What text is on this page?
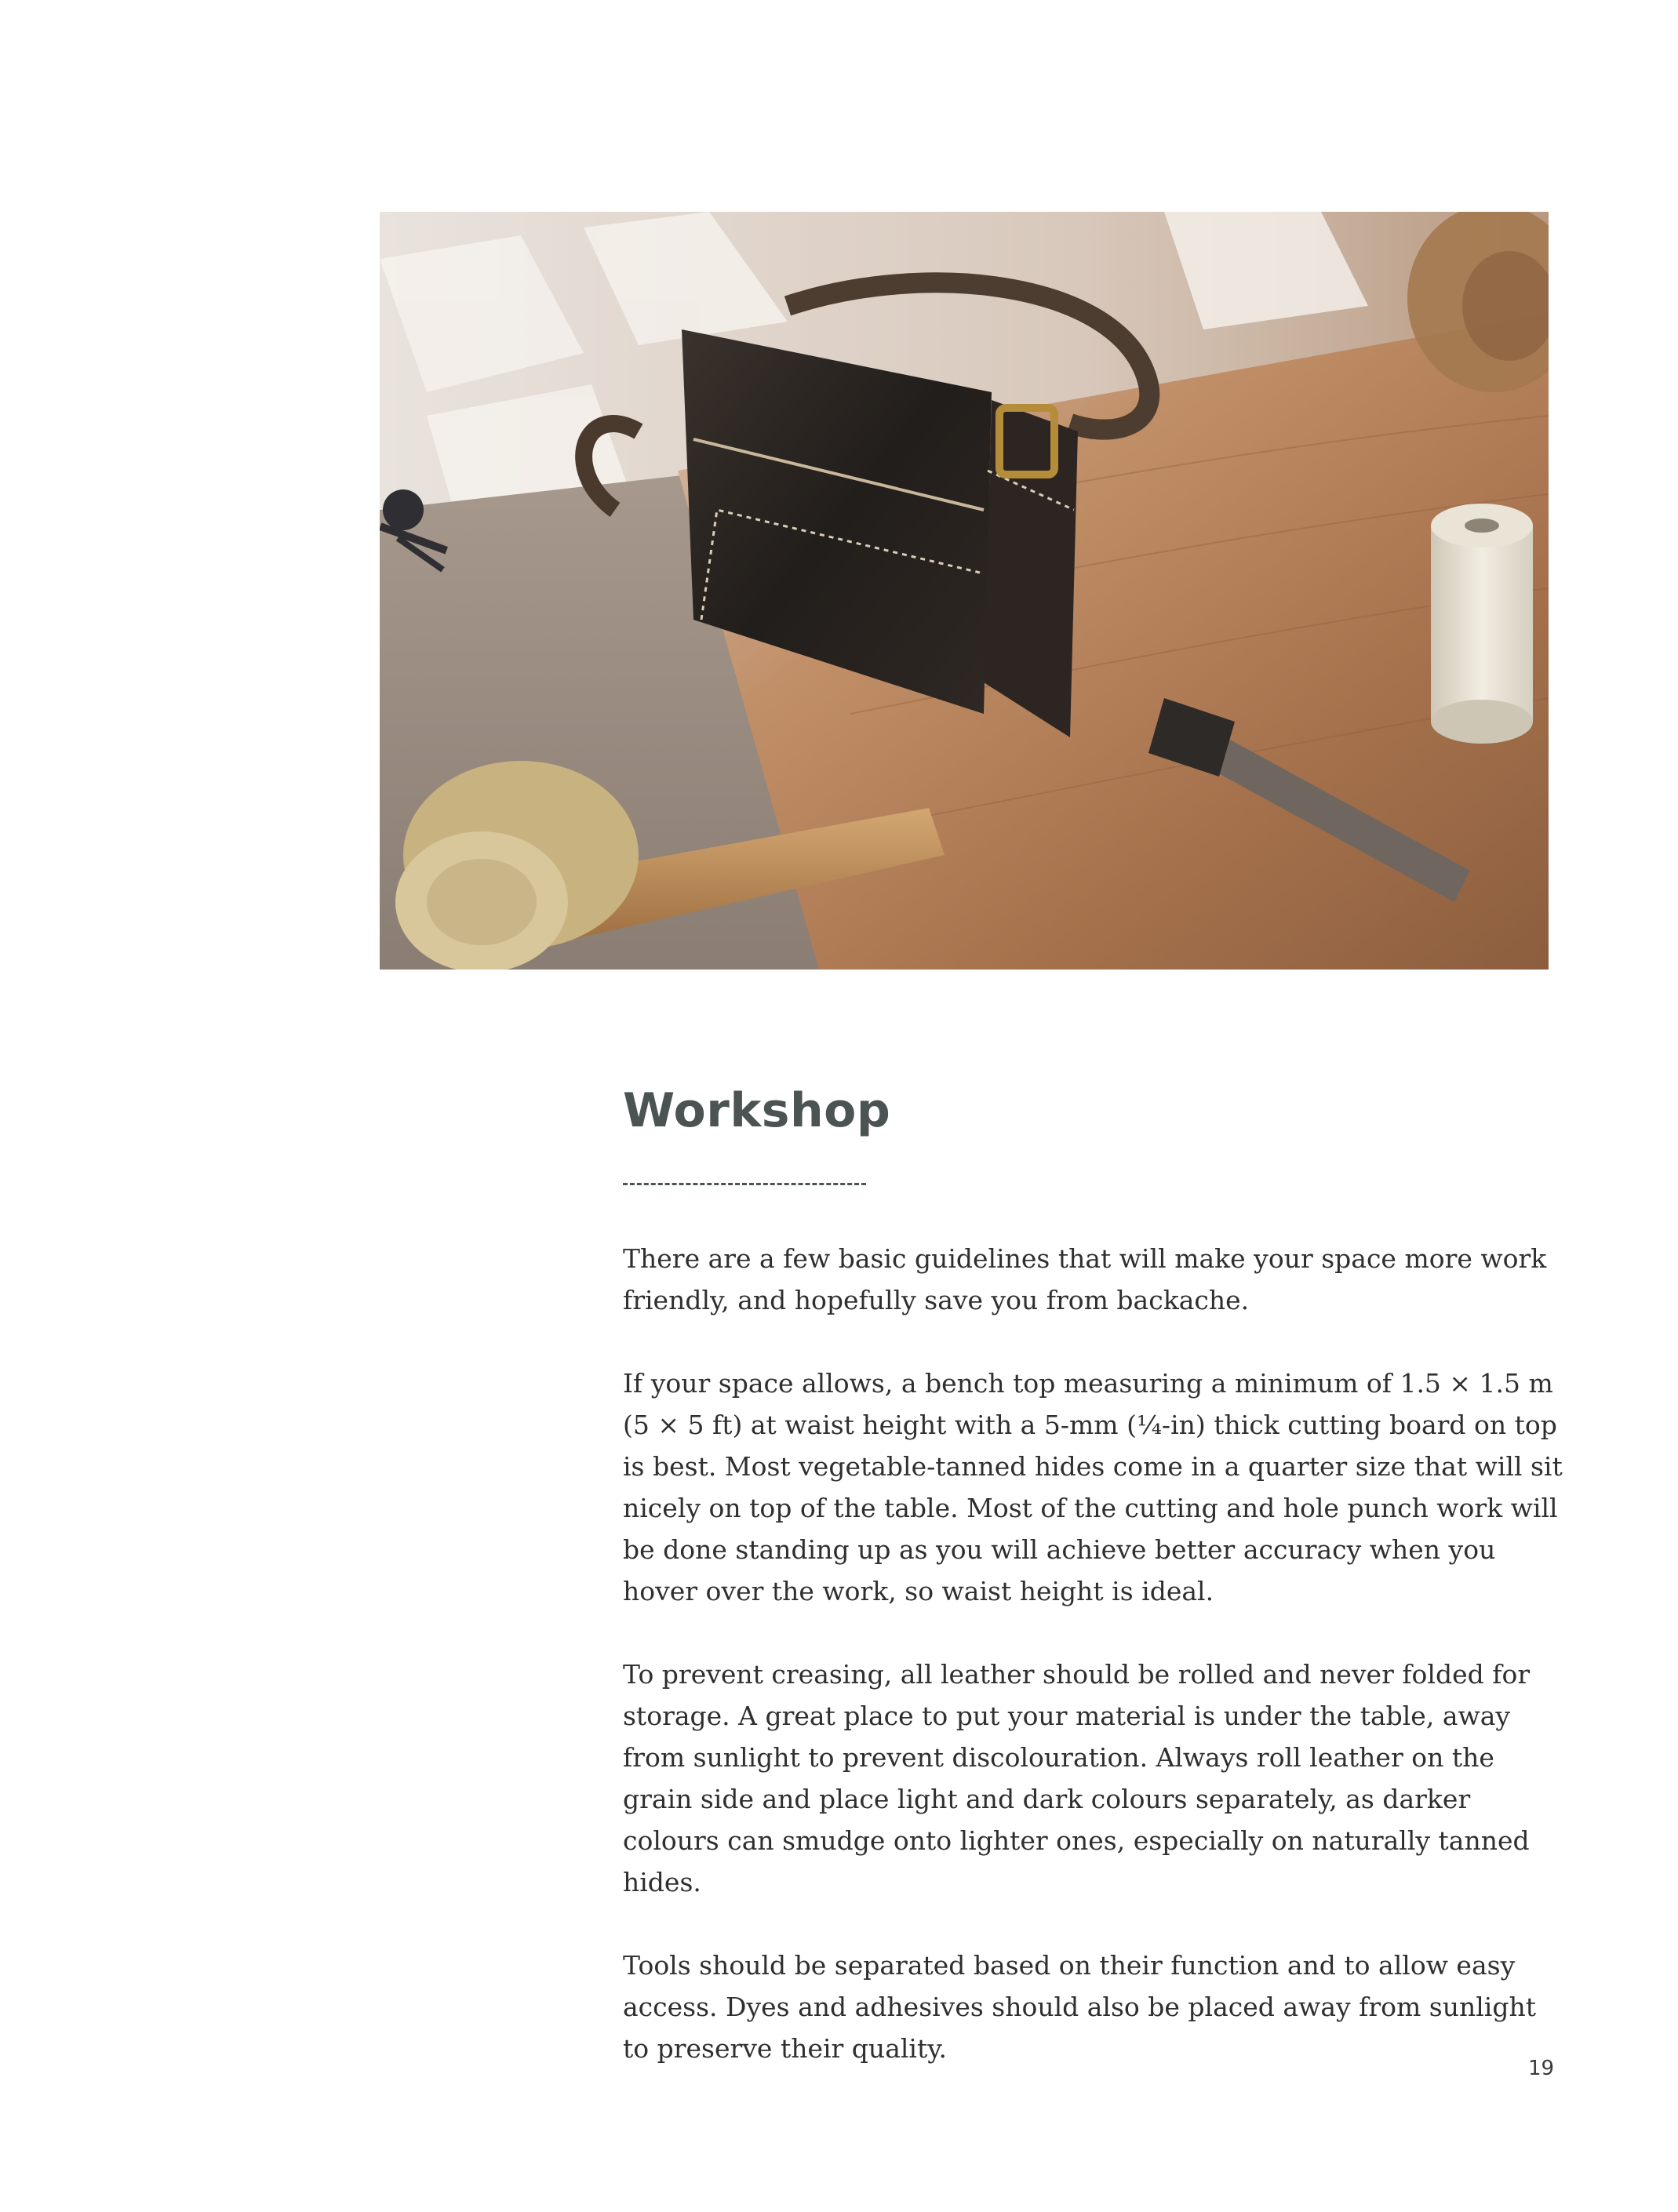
Workshop

There are a few basic guidelines that will make your space more work friendly, and hopefully save you from backache.

If your space allows, a bench top measuring a minimum of 1.5 × 1.5 m (5 × 5 ft) at waist height with a 5-mm (¼-in) thick cutting board on top is best. Most vegetable-tanned hides come in a quarter size that will sit nicely on top of the table. Most of the cutting and hole punch work will be done standing up as you will achieve better accuracy when you hover over the work, so waist height is ideal.

To prevent creasing, all leather should be rolled and never folded for storage. A great place to put your material is under the table, away from sunlight to prevent discolouration. Always roll leather on the grain side and place light and dark colours separately, as darker colours can smudge onto lighter ones, especially on naturally tanned hides.

Tools should be separated based on their function and to allow easy access. Dyes and adhesives should also be placed away from sunlight to preserve their quality.

19
